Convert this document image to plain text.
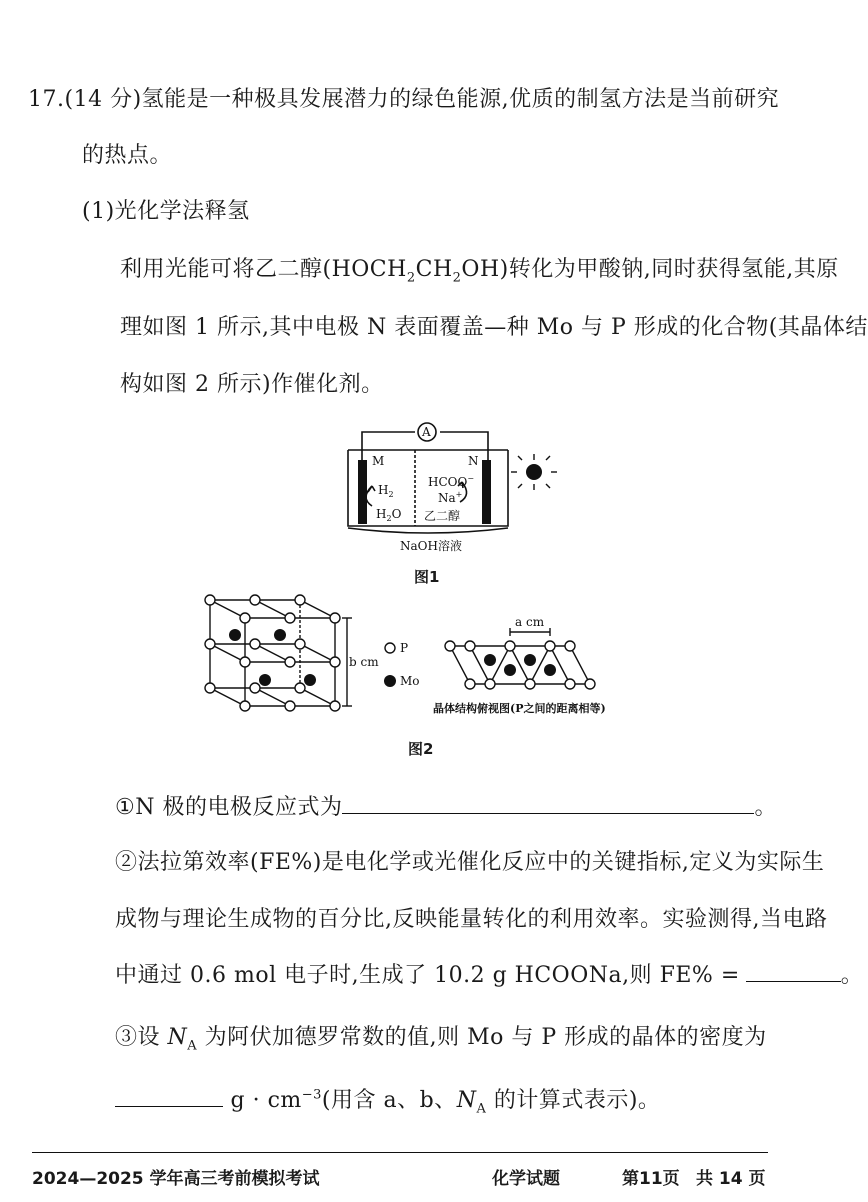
17.(14 分)氢能是一种极具发展潜力的绿色能源,优质的制氢方法是当前研究
的热点。
(1)光化学法释氢
利用光能可将乙二醇$(HOCH_2CH_2OH)$转化为甲酸钠,同时获得氢能,其原
理如图 1 所示,其中电极 N 表面覆盖—种 Mo 与 P 形成的化合物(其晶体结
构如图 2 所示)作催化剂。
A
M	N
$H_2$
$H_2O$
HCOO−
Na+
乙二醇
NaOH溶液
图1
b cm
P
Mo
a cm
晶体结构俯视图(P之间的距离相等)
图2
①N 极的电极反应式为	。
②法拉第效率(FE%)是电化学或光催化反应中的关键指标,定义为实际生
成物与理论生成物的百分比,反映能量转化的利用效率。实验测得,当电路
中通过 0.6 mol 电子时,生成了 10.2 g HCOONa,则 FE% =	。
③设 $N_A$ 为阿伏加德罗常数的值,则 Mo 与 P 形成的晶体的密度为
$g \cdot cm^{-3}$(用含 a、b、$N_A$ 的计算式表示)。
2024—2025 学年高三考前模拟考试	化学试题	第11页 共 14 页
